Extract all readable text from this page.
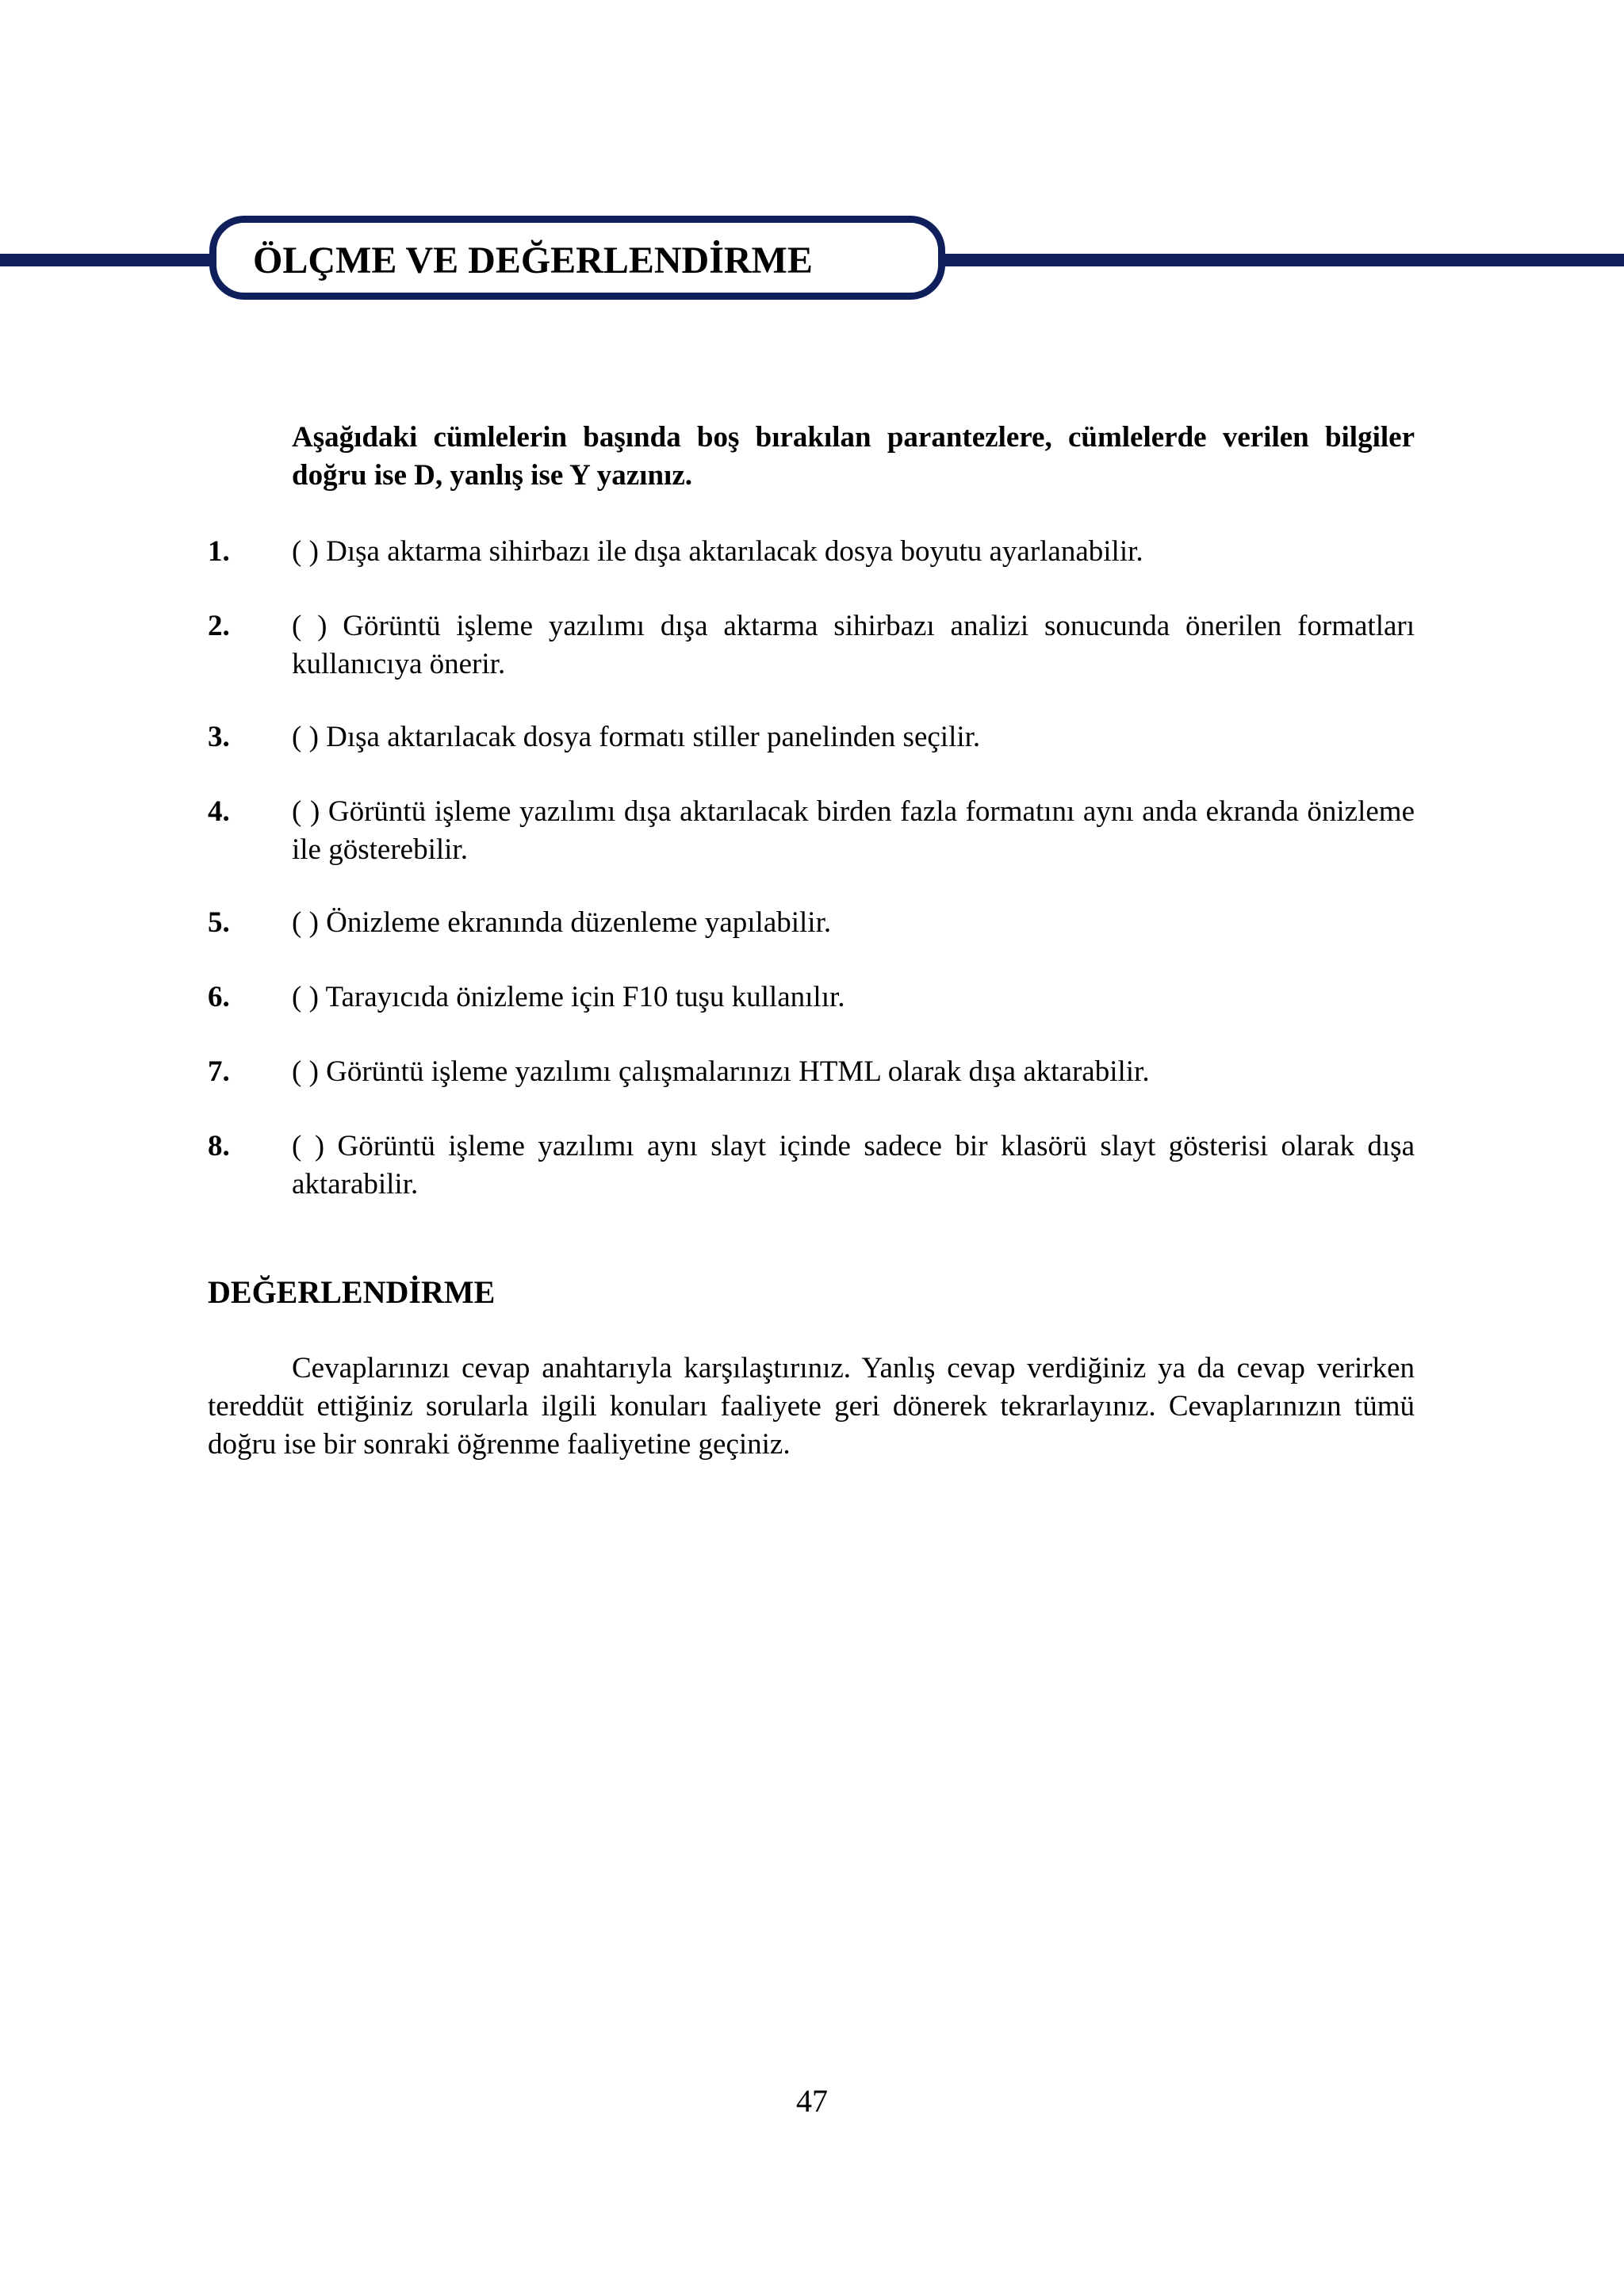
ÖLÇME VE DEĞERLENDİRME

Aşağıdaki cümlelerin başında boş bırakılan parantezlere, cümlelerde verilen bilgiler doğru ise D, yanlış ise Y yazınız.

1. ( ) Dışa aktarma sihirbazı ile dışa aktarılacak dosya boyutu ayarlanabilir.
2. ( ) Görüntü işleme yazılımı dışa aktarma sihirbazı analizi sonucunda önerilen formatları kullanıcıya önerir.
3. ( ) Dışa aktarılacak dosya formatı stiller panelinden seçilir.
4. ( ) Görüntü işleme yazılımı dışa aktarılacak birden fazla formatını aynı anda ekranda önizleme ile gösterebilir.
5. ( ) Önizleme ekranında düzenleme yapılabilir.
6. ( ) Tarayıcıda önizleme için F10 tuşu kullanılır.
7. ( ) Görüntü işleme yazılımı çalışmalarınızı HTML olarak dışa aktarabilir.
8. ( ) Görüntü işleme yazılımı aynı slayt içinde sadece bir klasörü slayt gösterisi olarak dışa aktarabilir.
DEĞERLENDİRME

Cevaplarınızı cevap anahtarıyla karşılaştırınız. Yanlış cevap verdiğiniz ya da cevap verirken tereddüt ettiğiniz sorularla ilgili konuları faaliyete geri dönerek tekrarlayınız. Cevaplarınızın tümü doğru ise bir sonraki öğrenme faaliyetine geçiniz.

47
